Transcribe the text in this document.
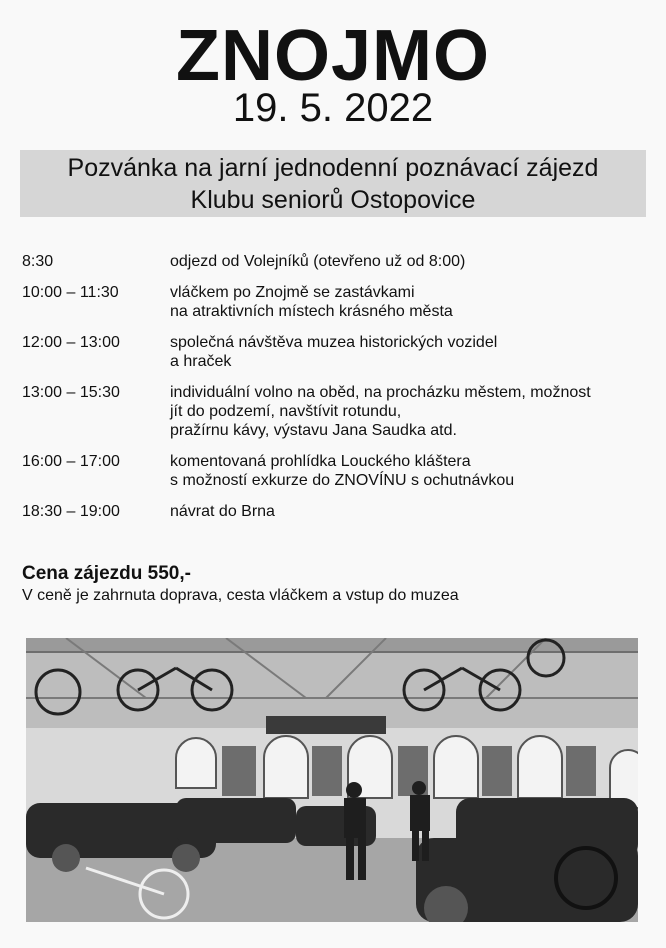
ZNOJMO
19. 5. 2022
Pozvánka na jarní jednodenní poznávací zájezd
Klubu seniorů Ostopovice
8:30	odjezd od Volejníků (otevřeno už od 8:00)
10:00 – 11:30	vláčkem po Znojmě se zastávkami
na atraktivních místech krásného města
12:00 – 13:00	společná návštěva muzea historických vozidel
a hraček
13:00 – 15:30	individuální volno na oběd, na procházku městem, možnost
jít do podzemí, navštívit rotundu,
pražírnu kávy, výstavu Jana Saudka atd.
16:00 – 17:00	komentovaná prohlídka Louckého kláštera
s možností exkurze do ZNOVÍNU s ochutnávkou
18:30 – 19:00	návrat do Brna
Cena zájezdu 550,-
V ceně je zahrnuta doprava, cesta vláčkem a vstup do muzea
